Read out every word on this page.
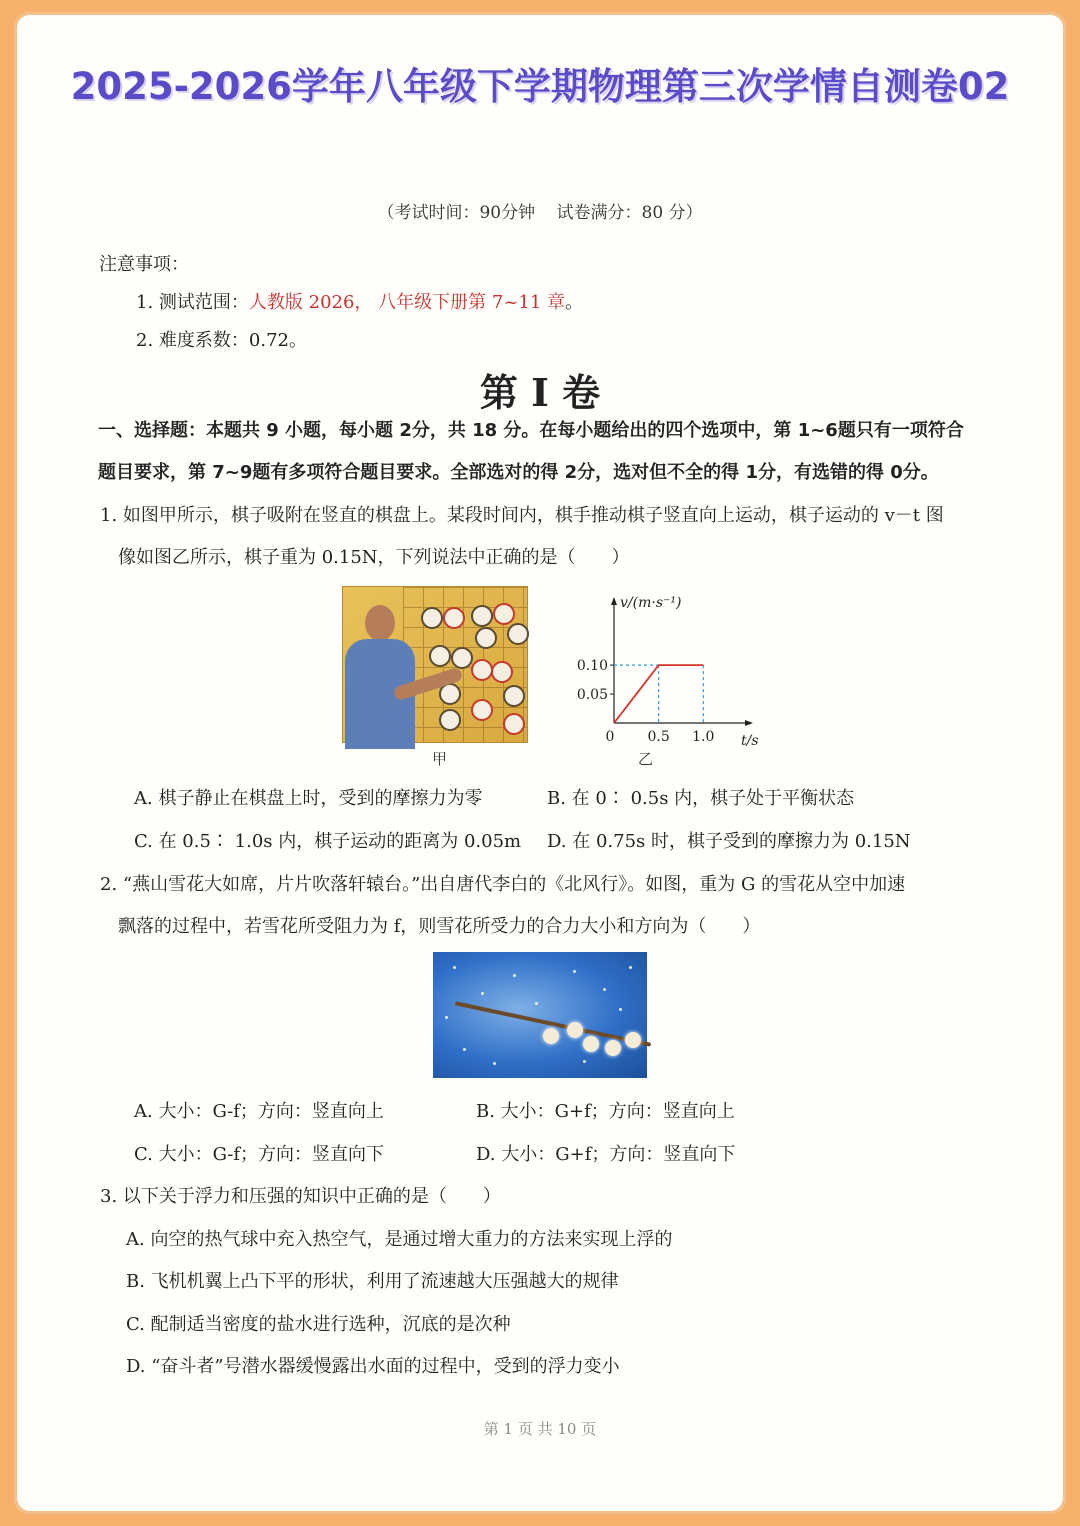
2025-2026学年八年级下学期物理第三次学情自测卷02
（考试时间：90分钟 试卷满分：80 分）
注意事项：
1. 测试范围：人教版 2026， 八年级下册第 7~11 章。
2. 难度系数：0.72。
第 I 卷
一、选择题：本题共 9 小题，每小题 2分，共 18 分。在每小题给出的四个选项中，第 1~6题只有一项符合
题目要求，第 7~9题有多项符合题目要求。全部选对的得 2分，选对但不全的得 1分，有选错的得 0分。
1. 如图甲所示，棋子吸附在竖直的棋盘上。某段时间内，棋手推动棋子竖直向上运动，棋子运动的 v－t 图
像如图乙所示，棋子重为 0.15N，下列说法中正确的是（　　）
甲
0.05
0.10
0.5 1.0
0
v/(m·s⁻¹)
t/s
乙
A. 棋子静止在棋盘上时，受到的摩擦力为零	B. 在 0∶ 0.5s 内，棋子处于平衡状态
C. 在 0.5∶ 1.0s 内，棋子运动的距离为 0.05m D. 在 0.75s 时，棋子受到的摩擦力为 0.15N
2. “燕山雪花大如席，片片吹落轩辕台。”出自唐代李白的《北风行》。如图，重为 G 的雪花从空中加速
飘落的过程中，若雪花所受阻力为 f，则雪花所受力的合力大小和方向为（　　）
A. 大小：G-f；方向：竖直向上	B. 大小：G+f；方向：竖直向上
C. 大小：G-f；方向：竖直向下	D. 大小：G+f；方向：竖直向下
3. 以下关于浮力和压强的知识中正确的是（　　）
A. 向空的热气球中充入热空气，是通过增大重力的方法来实现上浮的
B. 飞机机翼上凸下平的形状，利用了流速越大压强越大的规律
C. 配制适当密度的盐水进行选种，沉底的是次种
D. “奋斗者”号潜水器缓慢露出水面的过程中，受到的浮力变小
第 1 页 共 10 页
